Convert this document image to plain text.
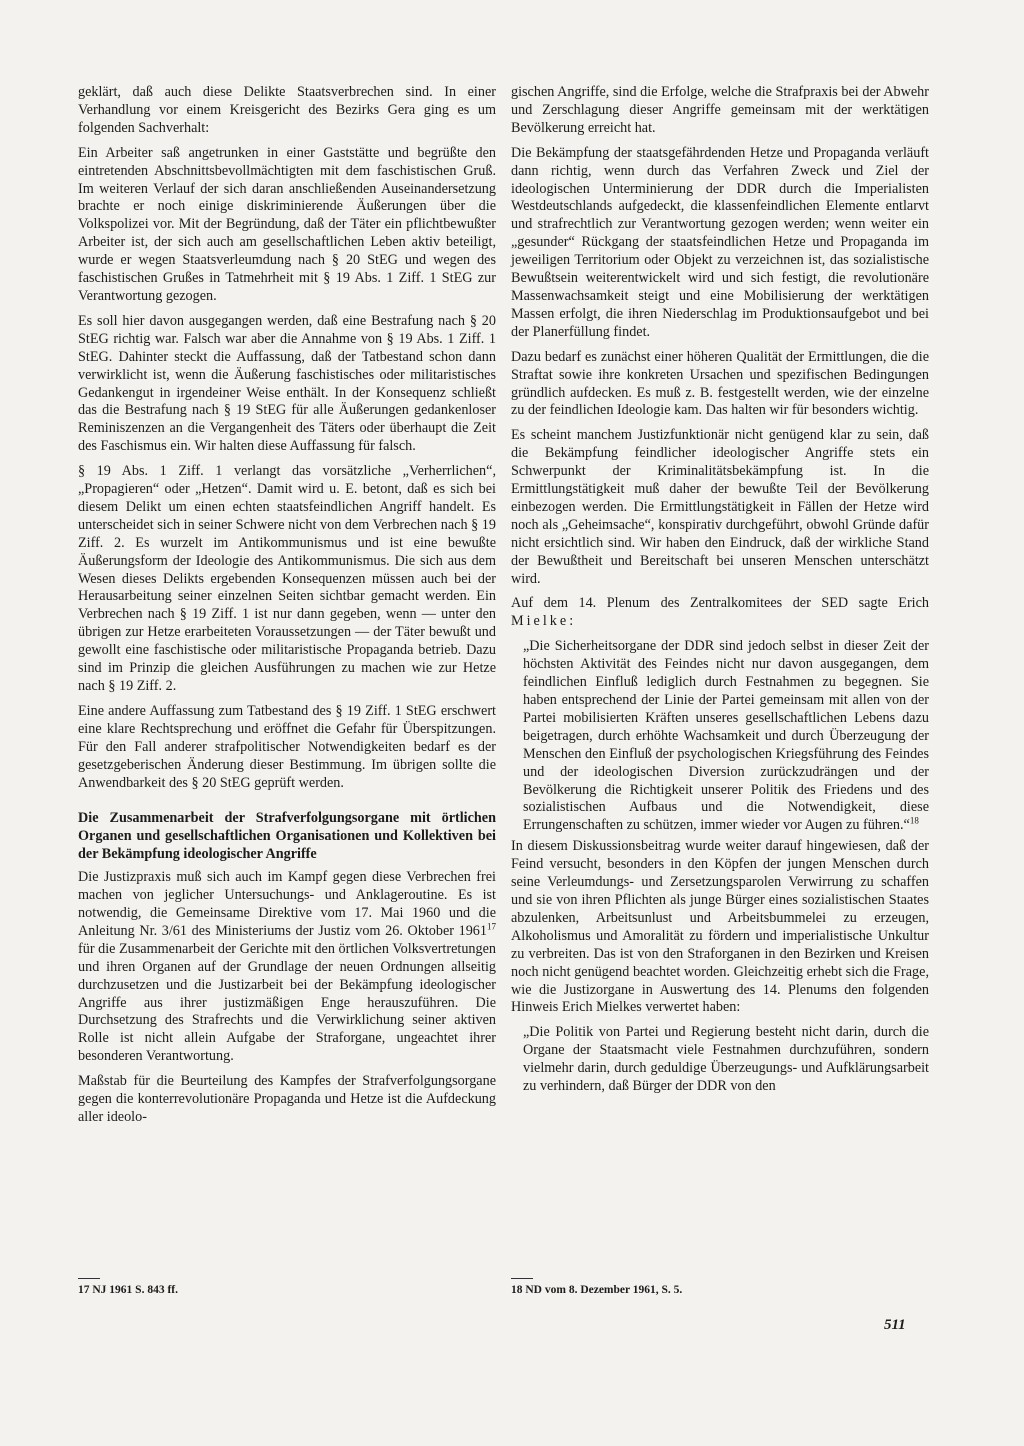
geklärt, daß auch diese Delikte Staatsverbrechen sind. In einer Verhandlung vor einem Kreisgericht des Bezirks Gera ging es um folgenden Sachverhalt:

Ein Arbeiter saß angetrunken in einer Gaststätte und begrüßte den eintretenden Abschnittsbevollmächtigten mit dem faschistischen Gruß. Im weiteren Verlauf der sich daran anschließenden Auseinandersetzung brachte er noch einige diskriminierende Äußerungen über die Volkspolizei vor. Mit der Begründung, daß der Täter ein pflichtbewußter Arbeiter ist, der sich auch am gesellschaftlichen Leben aktiv beteiligt, wurde er wegen Staatsverleumdung nach § 20 StEG und wegen des faschistischen Grußes in Tatmehrheit mit § 19 Abs. 1 Ziff. 1 StEG zur Verantwortung gezogen.

Es soll hier davon ausgegangen werden, daß eine Bestrafung nach § 20 StEG richtig war. Falsch war aber die Annahme von § 19 Abs. 1 Ziff. 1 StEG. Dahinter steckt die Auffassung, daß der Tatbestand schon dann verwirklicht ist, wenn die Äußerung faschistisches oder militaristisches Gedankengut in irgendeiner Weise enthält. In der Konsequenz schließt das die Bestrafung nach § 19 StEG für alle Äußerungen gedankenloser Reminiszenzen an die Vergangenheit des Täters oder überhaupt die Zeit des Faschismus ein. Wir halten diese Auffassung für falsch.

§ 19 Abs. 1 Ziff. 1 verlangt das vorsätzliche „Verherrlichen“, „Propagieren“ oder „Hetzen“. Damit wird u. E. betont, daß es sich bei diesem Delikt um einen echten staatsfeindlichen Angriff handelt. Es unterscheidet sich in seiner Schwere nicht von dem Verbrechen nach § 19 Ziff. 2. Es wurzelt im Antikommunismus und ist eine bewußte Äußerungsform der Ideologie des Antikommunismus. Die sich aus dem Wesen dieses Delikts ergebenden Konsequenzen müssen auch bei der Herausarbeitung seiner einzelnen Seiten sichtbar gemacht werden. Ein Verbrechen nach § 19 Ziff. 1 ist nur dann gegeben, wenn — unter den übrigen zur Hetze erarbeiteten Voraussetzungen — der Täter bewußt und gewollt eine faschistische oder militaristische Propaganda betrieb. Dazu sind im Prinzip die gleichen Ausführungen zu machen wie zur Hetze nach § 19 Ziff. 2.

Eine andere Auffassung zum Tatbestand des § 19 Ziff. 1 StEG erschwert eine klare Rechtsprechung und eröffnet die Gefahr für Überspitzungen. Für den Fall anderer strafpolitischer Notwendigkeiten bedarf es der gesetzgeberischen Änderung dieser Bestimmung. Im übrigen sollte die Anwendbarkeit des § 20 StEG geprüft werden.

Die Zusammenarbeit der Strafverfolgungsorgane mit örtlichen Organen und gesellschaftlichen Organisationen und Kollektiven bei der Bekämpfung ideologischer Angriffe

Die Justizpraxis muß sich auch im Kampf gegen diese Verbrechen frei machen von jeglicher Untersuchungs- und Anklageroutine. Es ist notwendig, die Gemeinsame Direktive vom 17. Mai 1960 und die Anleitung Nr. 3/61 des Ministeriums der Justiz vom 26. Oktober 1961$^{17}$ für die Zusammenarbeit der Gerichte mit den örtlichen Volksvertretungen und ihren Organen auf der Grundlage der neuen Ordnungen allseitig durchzusetzen und die Justizarbeit bei der Bekämpfung ideologischer Angriffe aus ihrer justizmäßigen Enge herauszuführen. Die Durchsetzung des Strafrechts und die Verwirklichung seiner aktiven Rolle ist nicht allein Aufgabe der Straforgane, ungeachtet ihrer besonderen Verantwortung.

Maßstab für die Beurteilung des Kampfes der Strafverfolgungsorgane gegen die konterrevolutionäre Propaganda und Hetze ist die Aufdeckung aller ideolo-

gischen Angriffe, sind die Erfolge, welche die Strafpraxis bei der Abwehr und Zerschlagung dieser Angriffe gemeinsam mit der werktätigen Bevölkerung erreicht hat.

Die Bekämpfung der staatsgefährdenden Hetze und Propaganda verläuft dann richtig, wenn durch das Verfahren Zweck und Ziel der ideologischen Unterminierung der DDR durch die Imperialisten Westdeutschlands aufgedeckt, die klassenfeindlichen Elemente entlarvt und strafrechtlich zur Verantwortung gezogen werden; wenn weiter ein „gesunder“ Rückgang der staatsfeindlichen Hetze und Propaganda im jeweiligen Territorium oder Objekt zu verzeichnen ist, das sozialistische Bewußtsein weiterentwickelt wird und sich festigt, die revolutionäre Massenwachsamkeit steigt und eine Mobilisierung der werktätigen Massen erfolgt, die ihren Niederschlag im Produktionsaufgebot und bei der Planerfüllung findet.

Dazu bedarf es zunächst einer höheren Qualität der Ermittlungen, die die Straftat sowie ihre konkreten Ursachen und spezifischen Bedingungen gründlich aufdecken. Es muß z. B. festgestellt werden, wie der einzelne zu der feindlichen Ideologie kam. Das halten wir für besonders wichtig.

Es scheint manchem Justizfunktionär nicht genügend klar zu sein, daß die Bekämpfung feindlicher ideologischer Angriffe stets ein Schwerpunkt der Kriminalitätsbekämpfung ist. In die Ermittlungstätigkeit muß daher der bewußte Teil der Bevölkerung einbezogen werden. Die Ermittlungstätigkeit in Fällen der Hetze wird noch als „Geheimsache“, konspirativ durchgeführt, obwohl Gründe dafür nicht ersichtlich sind. Wir haben den Eindruck, daß der wirkliche Stand der Bewußtheit und Bereitschaft bei unseren Menschen unterschätzt wird.

Auf dem 14. Plenum des Zentralkomitees der SED sagte Erich Mielke:

„Die Sicherheitsorgane der DDR sind jedoch selbst in dieser Zeit der höchsten Aktivität des Feindes nicht nur davon ausgegangen, dem feindlichen Einfluß lediglich durch Festnahmen zu begegnen. Sie haben entsprechend der Linie der Partei gemeinsam mit allen von der Partei mobilisierten Kräften unseres gesellschaftlichen Lebens dazu beigetragen, durch erhöhte Wachsamkeit und durch Überzeugung der Menschen den Einfluß der psychologischen Kriegsführung des Feindes und der ideologischen Diversion zurückzudrängen und der Bevölkerung die Richtigkeit unserer Politik des Friedens und des sozialistischen Aufbaus und die Notwendigkeit, diese Errungenschaften zu schützen, immer wieder vor Augen zu führen.“$^{18}$

In diesem Diskussionsbeitrag wurde weiter darauf hingewiesen, daß der Feind versucht, besonders in den Köpfen der jungen Menschen durch seine Verleumdungs- und Zersetzungsparolen Verwirrung zu schaffen und sie von ihren Pflichten als junge Bürger eines sozialistischen Staates abzulenken, Arbeitsunlust und Arbeitsbummelei zu erzeugen, Alkoholismus und Amoralität zu fördern und imperialistische Unkultur zu verbreiten. Das ist von den Straforganen in den Bezirken und Kreisen noch nicht genügend beachtet worden. Gleichzeitig erhebt sich die Frage, wie die Justizorgane in Auswertung des 14. Plenums den folgenden Hinweis Erich Mielkes verwertet haben:

„Die Politik von Partei und Regierung besteht nicht darin, durch die Organe der Staatsmacht viele Festnahmen durchzuführen, sondern vielmehr darin, durch geduldige Überzeugungs- und Aufklärungsarbeit zu verhindern, daß Bürger der DDR von den

17 NJ 1961 S. 843 ff.	18 ND vom 8. Dezember 1961, S. 5.
511
